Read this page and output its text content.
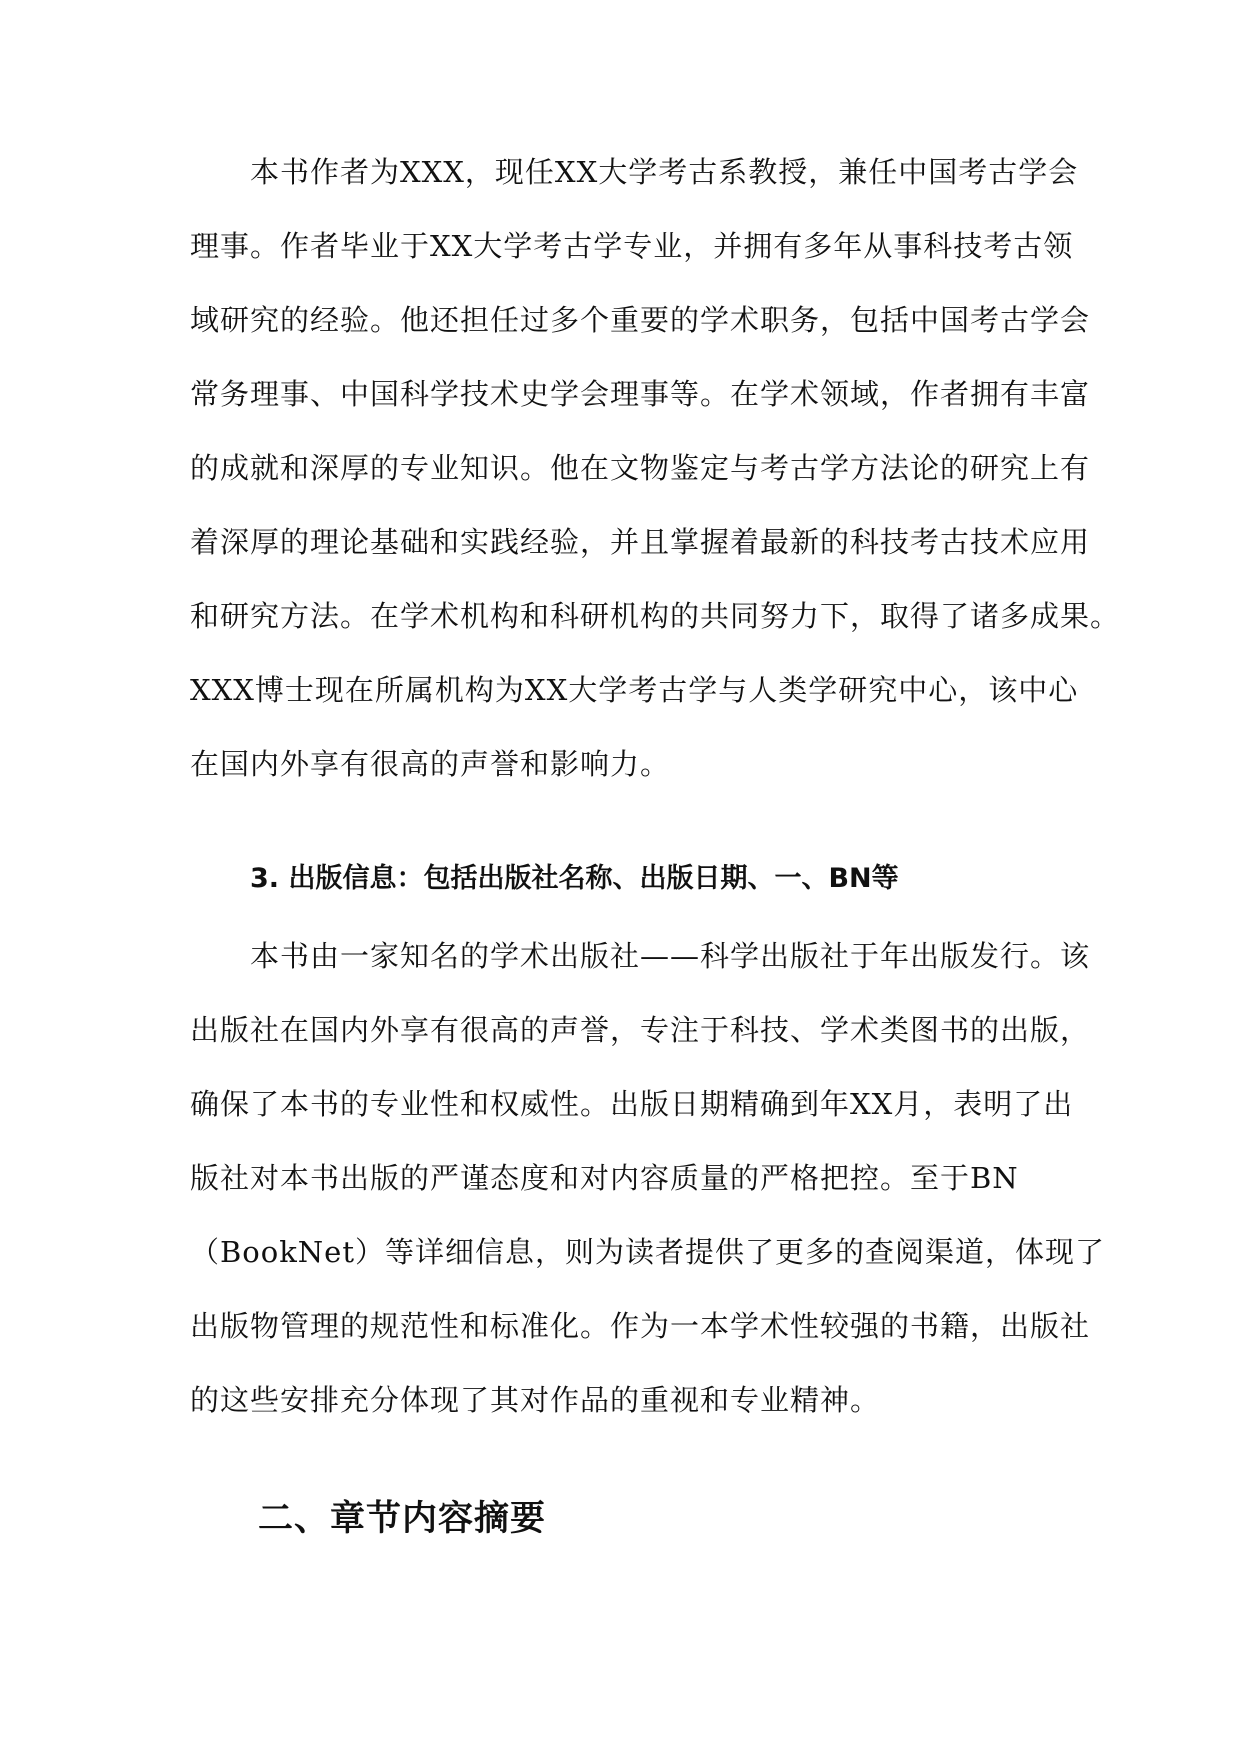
本书作者为XXX，现任XX大学考古系教授，兼任中国考古学会
理事。作者毕业于XX大学考古学专业，并拥有多年从事科技考古领
域研究的经验。他还担任过多个重要的学术职务，包括中国考古学会
常务理事、中国科学技术史学会理事等。在学术领域，作者拥有丰富
的成就和深厚的专业知识。他在文物鉴定与考古学方法论的研究上有
着深厚的理论基础和实践经验，并且掌握着最新的科技考古技术应用
和研究方法。在学术机构和科研机构的共同努力下，取得了诸多成果。
XXX博士现在所属机构为XX大学考古学与人类学研究中心，该中心
在国内外享有很高的声誉和影响力。
3. 出版信息：包括出版社名称、出版日期、一、BN等
本书由一家知名的学术出版社——科学出版社于年出版发行。该
出版社在国内外享有很高的声誉，专注于科技、学术类图书的出版，
确保了本书的专业性和权威性。出版日期精确到年XX月，表明了出
版社对本书出版的严谨态度和对内容质量的严格把控。至于BN
（BookNet）等详细信息，则为读者提供了更多的查阅渠道，体现了
出版物管理的规范性和标准化。作为一本学术性较强的书籍，出版社
的这些安排充分体现了其对作品的重视和专业精神。
二、章节内容摘要
